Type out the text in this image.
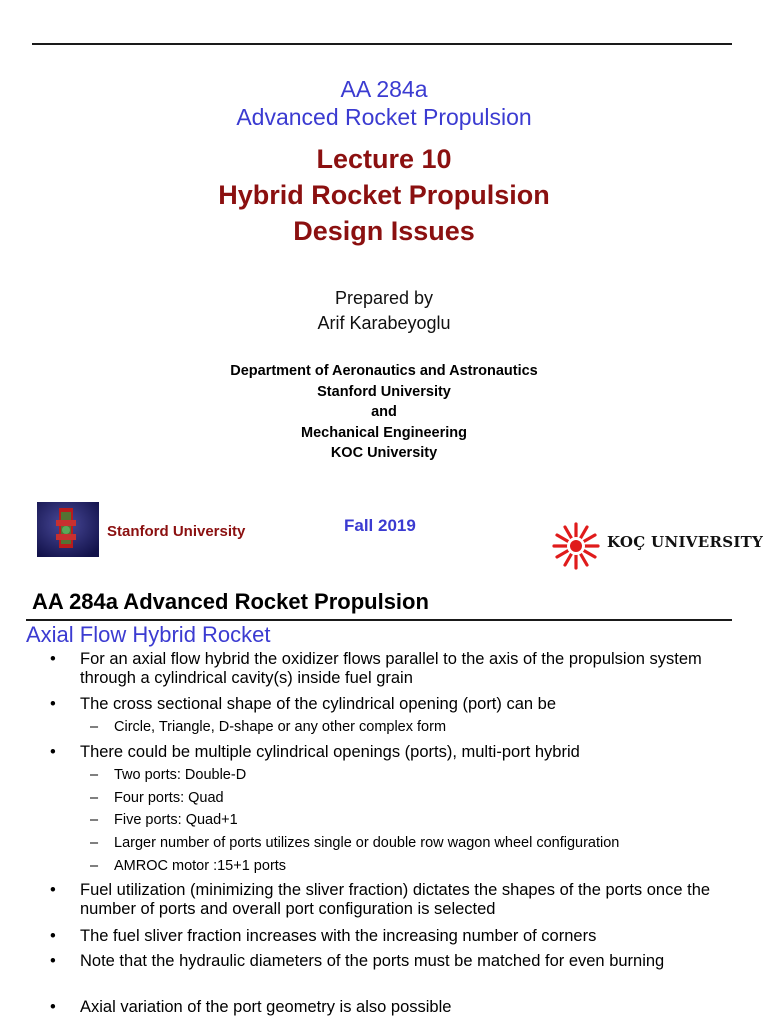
AA 284a
Advanced Rocket Propulsion
Lecture 10
Hybrid Rocket Propulsion
Design Issues
Prepared by
Arif Karabeyoglu
Department of Aeronautics and Astronautics
Stanford University
and
Mechanical Engineering
KOC University
Stanford University	Fall 2019
KOÇ UNIVERSITY
AA 284a Advanced Rocket Propulsion
Axial Flow Hybrid Rocket
• For an axial flow hybrid the oxidizer flows parallel to the axis of the propulsion system through a cylindrical cavity(s) inside fuel grain
• The cross sectional shape of the cylindrical opening (port) can be
– Circle, Triangle, D-shape or any other complex form
• There could be multiple cylindrical openings (ports), multi-port hybrid
– Two ports: Double-D
– Four ports: Quad
– Five ports: Quad+1
– Larger number of ports utilizes single or double row wagon wheel configuration
– AMROC motor :15+1 ports
• Fuel utilization (minimizing the sliver fraction) dictates the shapes of the ports once the number of ports and overall port configuration is selected
• The fuel sliver fraction increases with the increasing number of corners
• Note that the hydraulic diameters of the ports must be matched for even burning
• Axial variation of the port geometry is also possible
